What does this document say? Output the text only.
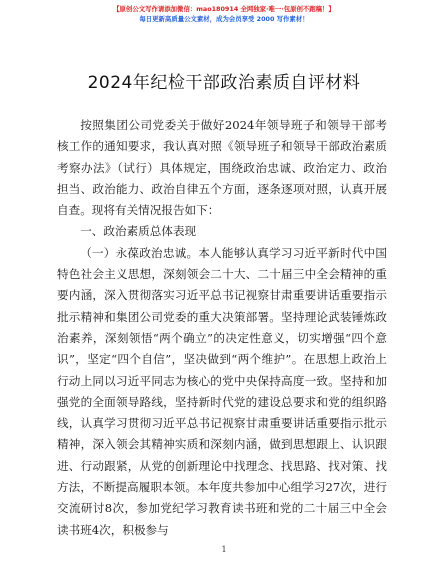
【原创公文写作请添加微信：mao180914 全网独家·唯一·包原创不跑稿！】
每日更新高质量公文素材，成为会员享受 2000 写作素材！
2024年纪检干部政治素质自评材料

按照集团公司党委关于做好2024年领导班子和领导干部考核工作的通知要求，我认真对照《领导班子和领导干部政治素质考察办法》（试行）具体规定，围绕政治忠诚、政治定力、政治担当、政治能力、政治自律五个方面，逐条逐项对照，认真开展自查。现将有关情况报告如下：

一、政治素质总体表现

（一）永葆政治忠诚。本人能够认真学习习近平新时代中国特色社会主义思想，深刻领会二十大、二十届三中全会精神的重要内涵，深入贯彻落实习近平总书记视察甘肃重要讲话重要指示批示精神和集团公司党委的重大决策部署。坚持理论武装锤炼政治素养，深刻领悟“两个确立”的决定性意义，切实增强“四个意识”，坚定“四个自信”，坚决做到“两个维护”。在思想上政治上行动上同以习近平同志为核心的党中央保持高度一致。坚持和加强党的全面领导路线，坚持新时代党的建设总要求和党的组织路线，认真学习贯彻习近平总书记视察甘肃重要讲话重要指示批示精神，深入领会其精神实质和深刻内涵，做到思想跟上、认识跟进、行动跟紧，从党的创新理论中找理念、找思路、找对策、找方法，不断提高履职本领。本年度共参加中心组学习27次，进行交流研讨8次，参加党纪学习教育读书班和党的二十届三中全会读书班4次，积极参与

1
